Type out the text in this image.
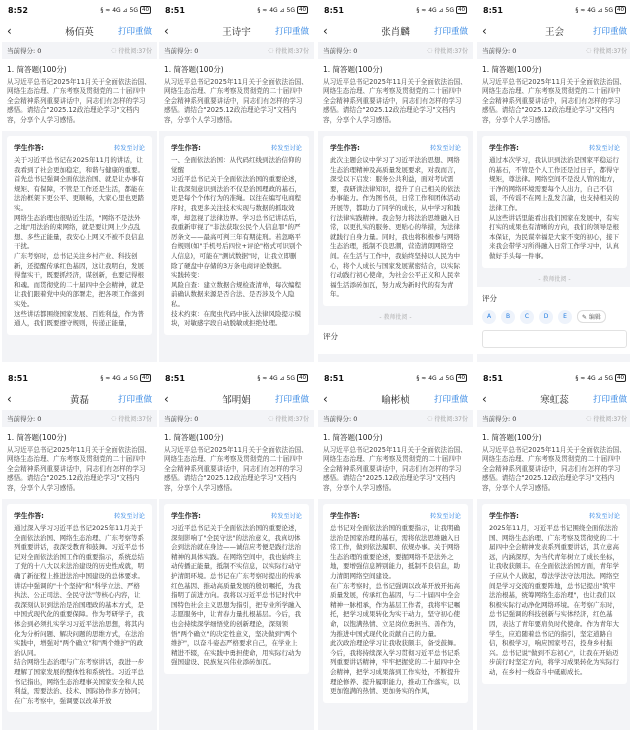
8:52	§ ≈ 4G ⊿ 5G 40
‹	杨佰英	打印重做
当前得分: 0	◌ 待批阅:37份
1. 简答题(100分)
从习近平总书记2025年11月关于全面依法治国、网络生态治理、广东考察及贯彻党的二十届四中全会精神系列重要讲话中，同志们有怎样的学习感悟。请结合"2025.12政治理论学习"文档内容，分享个人学习感悟。
学生作答:	转发至讨论
关于习近平总书记在2025年11月的讲话，让我看到了社会更加稳定，和谐与健康的重要。
首先总书记强调全面依法治国、就是让办事有规矩、有保障，不管是工作还是生活，都能在法治框架下更公平、更顺畅，大家心里也更踏实。
网络生态治理也很贴近生活，"网络不是法外之地"用法治的束网络，就是要让网上少点乱想、多些正能量，我安心上网又不被不良信息干扰。
广东考察时，总书记关注乡村产业、科技创新，还提醒传承红色基因，这让我明白，发展得靠实干，既要抓经济，谋创新，也要记得根和魂。而贯彻党的二十届四中全会精神，就是让我们跟着党中央的部署走，把各项工作落到实处。
这些讲话都围绕国家发展、百姓利益，作为普通人，我们既要遵守规则，传递正能量，
8:51	§ ≈ 4G ⊿ 5G 40
‹	王诗宇	打印重做
当前得分: 0	◌ 待批阅:37份
1. 简答题(100分)
从习近平总书记2025年11月关于全面依法治国、网络生态治理、广东考察及贯彻党的二十届四中全会精神系列重要讲话中，同志们有怎样的学习感悟。请结合"2025.12政治理论学习"文档内容，分享个人学习感悟。
学生作答:	转发至讨论
一、全面依法治国：从代码红线到法治信仰的觉醒
习近平总书记关于全面依法治国的重要论述，让我深刻意识到法治不仅是治国理政的基石，更是每个个体行为的准绳。以往在编写电商程序时，我更多关注技术实现与数据的抓取效率，却忽视了法律边界。学习总书记讲话后，我重新审视了"非法获取公民个人信息罪"的严厉条文——最高可判三年有期徒刑。若忽略平台规则(如"手机号后四位+评论"格式可识别个人信息)，可能在"测试数据"时，让我立即删除了硬盘中存储的3万条电商评论数据。
实践转变：
风险自查：建立数据合规检查清单，每次编程前确认数据来源是否合法、是否涉及个人隐私。
技术约束：在爬虫代码中嵌入法律风险提示模块，对敏感字段自动脱敏或拒绝处理。
8:51	§ ≈ 4G ⊿ 5G 40
‹	张肖麟	打印重做
当前得分: 0	◌ 待批阅:37份
1. 简答题(100分)
从习近平总书记2025年11月关于全面依法治国、网络生态治理、广东考察及贯彻党的二十届四中全会精神系列重要讲话中，同志们有怎样的学习感悟。请结合"2025.12政治理论学习"文档内容，分享个人学习感悟。
学生作答:	转发至讨论
此次主题会议中学习了习近平法治思想、网络生态治理精神及高质量发展要求，对我而言，深受以下启发：服务公共利益，面对考试需要，我研读法律知识，提升了自己相关的依法办事能力。作为图书员，日常工作和团体活动开展等，都助力了同学的成长，从中学习和践行法律实践精神。我会努力将法治思维融入日常，以更扎实的服务、更贴心的举措，为法律就践行自身力量。同时，我也将积极参与网络生态治理，抵制不良思潮，营造清朗网络空间。在生活与工作中，我始终坚持以人民为中心，将个人成长与国家发展紧密结合，以实际行动践行初心使命，为社会公平正义和人民幸福生活添砖加瓦，努力成为新时代的有为青年。
- 教师批阅 -
评分
8:51	§ ≈ 4G ⊿ 5G 40
‹	王会	打印重做
当前得分: 0	◌ 待批阅:37份
1. 简答题(100分)
从习近平总书记2025年11月关于全面依法治国、网络生态治理、广东考察及贯彻党的二十届四中全会精神系列重要讲话中，同志们有怎样的学习感悟。请结合"2025.12政治理论学习"文档内容，分享个人学习感悟。
学生作答:	转发至讨论
通过本次学习，我认识到法治是国家平稳运行的基石，不管是个人工作还是过日子，都得守规矩，尊法律。网络空间不是没人管的地方，干净的网络环境需要每个人出力，自己不信谣，不传谣不在网上乱发言論，也支持相关的法律工作。
从这些讲话里能看出我们国家在发展中，有实打实的成果也有清晰的方向，我们的领导是根本保证，为民谋幸福是大家不变的初心，接下来我会带学习所得融入日常工作学习中，认真做好手头每一件事。
- 教师批阅 -
评分
A	B	C	D	E	✎ 编辑
8:51	§ ≈ 4G ⊿ 5G 40
‹	黄磊	打印重做
当前得分: 0	◌ 待批阅:37份
1. 简答题(100分)
从习近平总书记2025年11月关于全面依法治国、网络生态治理、广东考察及贯彻党的二十届四中全会精神系列重要讲话中，同志们有怎样的学习感悟。请结合"2025.12政治理论学习"文档内容，分享个人学习感悟。
学生作答:	转发至讨论
通过深入学习习近平总书记2025年11月关于全面依法治国、网络生态治理、广东考察等系列重要讲话，我深受教育和鼓舞。习近平总书记对全面依法治国工作的重要指示，系统总结了党的十八大以来法治建设的历史性成就，明确了新征程上推进法治中国建设的总体要求。讲话中强调的"十个坚持"和"科学立法、严格执法、公正司法、全民守法"等核心内容，让我深刻认识到法治是治国理政的基本方式，是中国式现代化的重要保障。作为考研学子，我体会到必须扎实学习习近平法治思想，将其内化为分析问题、解决问题的思维方式，在法治实践中，增强对"两个确立"和"两个维护"的政治认同。
结合网络生态治理与广东考察讲话，我进一步理解了国家发展的整体性和系统性。习近平总书记指出，网络生态治理事关国家安全和人民利益，需要法治、技术、国际协作多方协同；在广东考察中，强调要以改革开放
8:51	§ ≈ 4G ⊿ 5G 40
‹	邹明娟	打印重做
当前得分: 0	◌ 待批阅:37份
1. 简答题(100分)
从习近平总书记2025年11月关于全面依法治国、网络生态治理、广东考察及贯彻党的二十届四中全会精神系列重要讲话中，同志们有怎样的学习感悟。请结合"2025.12政治理论学习"文档内容，分享个人学习感悟。
学生作答:	转发至讨论
习近平总书记关于全面依法治国的重要论述，深刻影响了"全民守法"的法治意义，我真切体会到法治就在身边——诚信应考便是践行法治精神的具体实践。在网络空间中，我也始终主动传播正能量，抵制不实信息，以实际行动守护清朗环境。总书记在广东考察时提出的传承红色基因、推动高质量发展的殷切嘱托，为我指明了前进方向。我将以习近平总书记时代中国特色社会主义思想为指引，把专业所学融入志愿服务中，让青春力量扎根基层。今后，我也会持续深学细悟党的创新理论，深刻领悟"两个确立"的决定性意义，坚决做到"两个维护"，以奋斗姿态严格要求自己，在学业上精进不辍，在实践中勇担使命，用实际行动为强国建设、民族复兴伟业添砖加瓦。
8:51	§ ≈ 4G ⊿ 5G 40
‹	喻彬桢	打印重做
当前得分: 0	◌ 待批阅:37份
1. 简答题(100分)
从习近平总书记2025年11月关于全面依法治国、网络生态治理、广东考察及贯彻党的二十届四中全会精神系列重要讲话中，同志们有怎样的学习感悟。请结合"2025.12政治理论学习"文档内容，分享个人学习感悟。
学生作答:	转发至讨论
总书记对全面依法治国的重要指示，让我明确法治是国家治理的基石，需将依法思维融入日常工作，做到依法履职、依规办事。关于网络生态治理的重要论述，要握网络不是法外之地，要增强信息辨别能力，抵制不良信息，助力清朗网络空间建设。
在广东考察时，总书记强调以改革开放开拓高质量发展，传承红色基因，与二十届四中全会精神一脉相承，作为基层工作者，我将牢记嘱托，把学习成果转化为实干动力，坚守初心使命，以饱满热情、立足岗位勇担当、善作为，为推进中国式现代化贡献自己的力量。
此次政治理论学习让我收获颇丰，备受鼓舞。今后，我将持续深入学习贯彻习近平总书记系列重要讲话精神，牢牢把握党的二十届四中全会精神，把学习成果落到工作实处，不断提升理论修养、提升履职能力，推动工作落实，以更加饱满的热情、更加务实的作风，
8:51	§ ≈ 4G ⊿ 5G 40
‹	寒虹蕊	打印重做
当前得分: 0	◌ 待批阅:37份
1. 简答题(100分)
从习近平总书记2025年11月关于全面依法治国、网络生态治理、广东考察及贯彻党的二十届四中全会精神系列重要讲话中，同志们有怎样的学习感悟。请结合"2025.12政治理论学习"文档内容，分享个人学习感悟。
学生作答:	转发至讨论
2025年11月，习近平总书记围绕全面依法治国、网络生态治理、广东考察及贯彻党的二十届四中全会精神发表系列重要讲话，其立意高远，内涵深厚，为当代青年树立了成长坐标，让我收获颇丰。在全面依法治国方面，青年学子应从个人做起，尊法学法守法用法。网络空间是学习交流的重要阵地，总书记提出"筑牢法治根基，统筹网络生态治理"，也让我们以积极实际行动净化网络环境。在考察广东时，总书记强调的科技创新与实体经济，红色基因，表达了青年要肩负时代使命。作为青年大学生，应追随着总书记的指引，坚定道路自信，积极学习，响应国家号召，投身乡村振兴。总书记说"做到不忘初心"，让我在开始迈步前行时坚定方向，将学习成果转化为实际行动，在乡村一线奋斗中砥砺成长。
